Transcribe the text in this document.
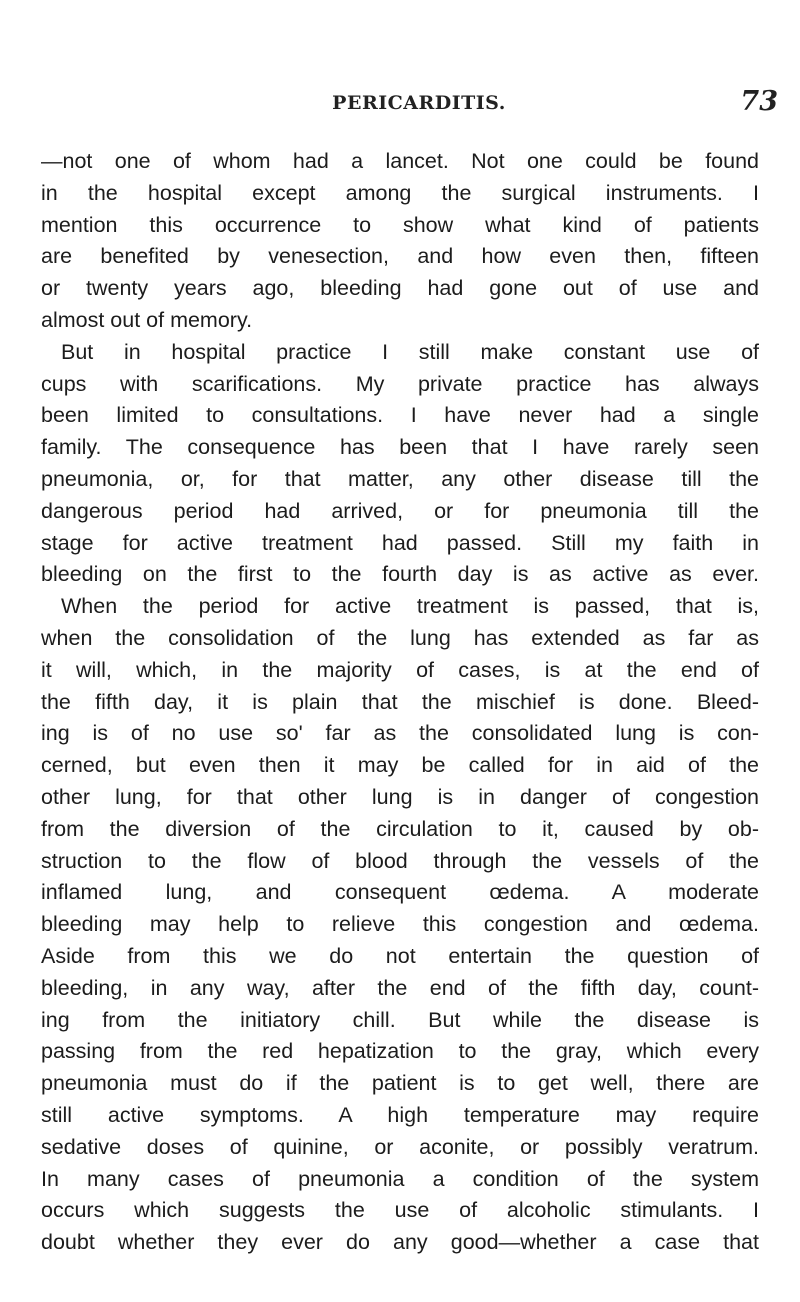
PERICARDITIS.	73
—not one of whom had a lancet. Not one could be found
in the hospital except among the surgical instruments. I
mention this occurrence to show what kind of patients
are benefited by venesection, and how even then, fifteen
or twenty years ago, bleeding had gone out of use and
almost out of memory.
But in hospital practice I still make constant use of
cups with scarifications. My private practice has always
been limited to consultations. I have never had a single
family. The consequence has been that I have rarely seen
pneumonia, or, for that matter, any other disease till the
dangerous period had arrived, or for pneumonia till the
stage for active treatment had passed. Still my faith in
bleeding on the first to the fourth day is as active as ever.
When the period for active treatment is passed, that is,
when the consolidation of the lung has extended as far as
it will, which, in the majority of cases, is at the end of
the fifth day, it is plain that the mischief is done. Bleed-
ing is of no use so' far as the consolidated lung is con-
cerned, but even then it may be called for in aid of the
other lung, for that other lung is in danger of congestion
from the diversion of the circulation to it, caused by ob-
struction to the flow of blood through the vessels of the
inflamed lung, and consequent œdema. A moderate
bleeding may help to relieve this congestion and œdema.
Aside from this we do not entertain the question of
bleeding, in any way, after the end of the fifth day, count-
ing from the initiatory chill. But while the disease is
passing from the red hepatization to the gray, which every
pneumonia must do if the patient is to get well, there are
still active symptoms. A high temperature may require
sedative doses of quinine, or aconite, or possibly veratrum.
In many cases of pneumonia a condition of the system
occurs which suggests the use of alcoholic stimulants. I
doubt whether they ever do any good—whether a case that
